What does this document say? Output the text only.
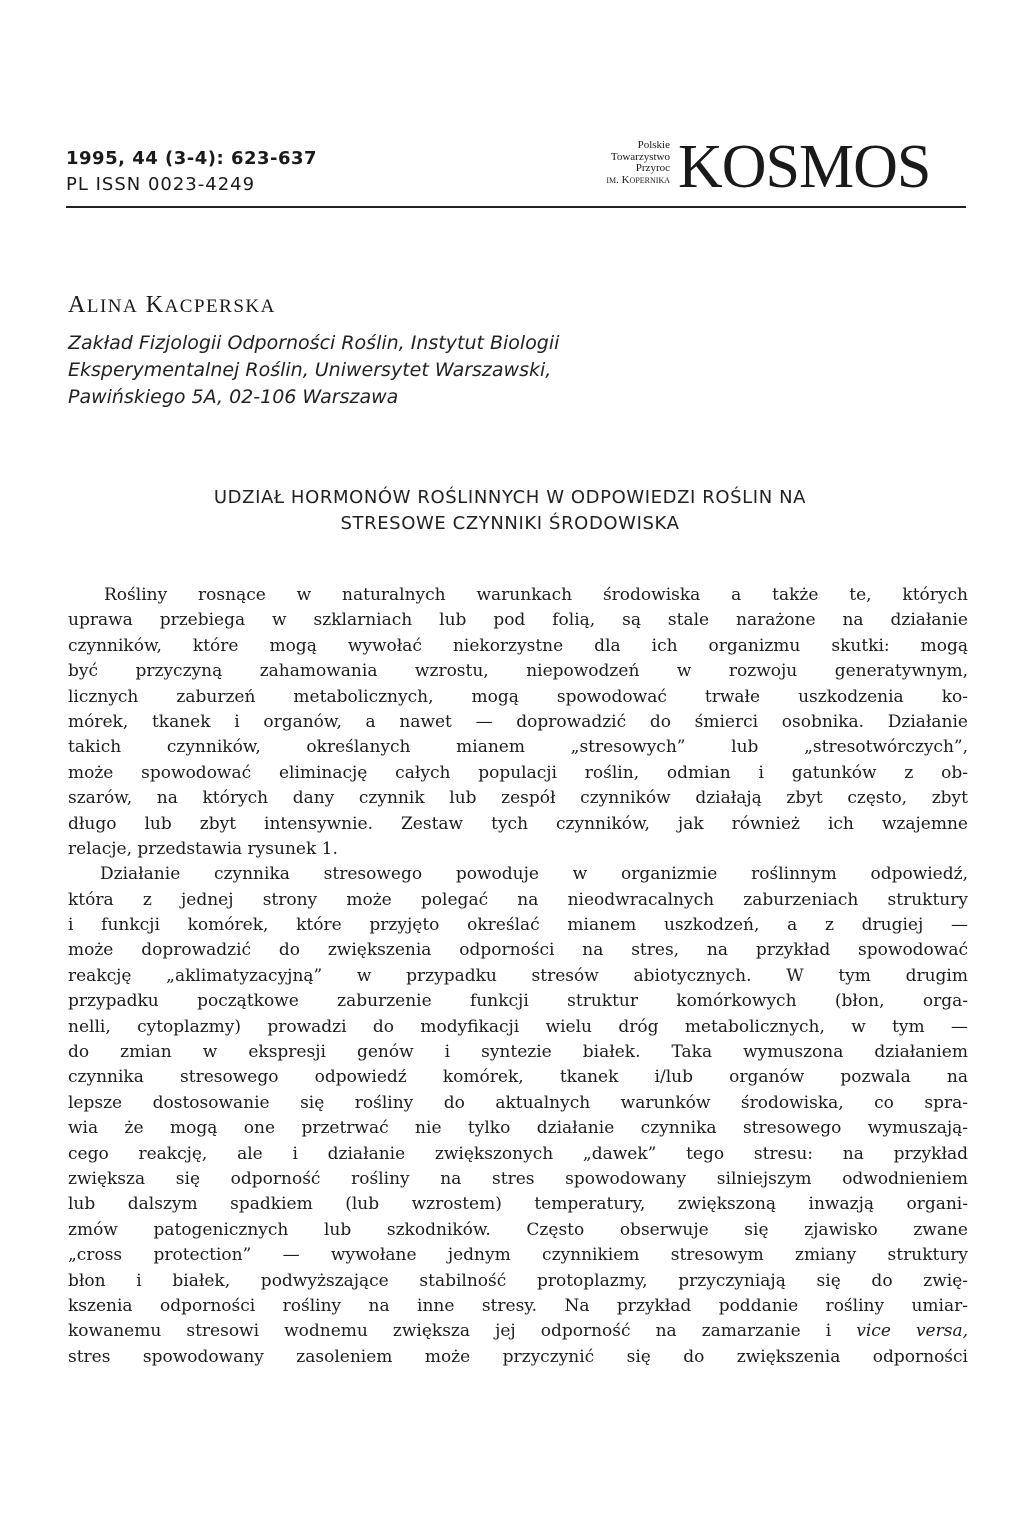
1995, 44 (3-4): 623-637
PL ISSN 0023-4249
Polskie
Towarzystwo
Przyroc
im. Kopernika KOSMOS
ALINA KACPERSKA
Zakład Fizjologii Odporności Roślin, Instytut Biologii
Eksperymentalnej Roślin, Uniwersytet Warszawski,
Pawińskiego 5A, 02-106 Warszawa
UDZIAŁ HORMONÓW ROŚLINNYCH W ODPOWIEDZI ROŚLIN NA
STRESOWE CZYNNIKI ŚRODOWISKA
Rośliny rosnące w naturalnych warunkach środowiska a także te, których
uprawa przebiega w szklarniach lub pod folią, są stale narażone na działanie
czynników, które mogą wywołać niekorzystne dla ich organizmu skutki: mogą
być przyczyną zahamowania wzrostu, niepowodzeń w rozwoju generatywnym,
licznych zaburzeń metabolicznych, mogą spowodować trwałe uszkodzenia ko-
mórek, tkanek i organów, a nawet — doprowadzić do śmierci osobnika. Działanie
takich czynników, określanych mianem „stresowych” lub „stresotwórczych”,
może spowodować eliminację całych populacji roślin, odmian i gatunków z ob-
szarów, na których dany czynnik lub zespół czynników działają zbyt często, zbyt
długo lub zbyt intensywnie. Zestaw tych czynników, jak również ich wzajemne
relacje, przedstawia rysunek 1.
Działanie czynnika stresowego powoduje w organizmie roślinnym odpowiedź,
która z jednej strony może polegać na nieodwracalnych zaburzeniach struktury
i funkcji komórek, które przyjęto określać mianem uszkodzeń, a z drugiej —
może doprowadzić do zwiększenia odporności na stres, na przykład spowodować
reakcję „aklimatyzacyjną” w przypadku stresów abiotycznych. W tym drugim
przypadku początkowe zaburzenie funkcji struktur komórkowych (błon, orga-
nelli, cytoplazmy) prowadzi do modyfikacji wielu dróg metabolicznych, w tym —
do zmian w ekspresji genów i syntezie białek. Taka wymuszona działaniem
czynnika stresowego odpowiedź komórek, tkanek i/lub organów pozwala na
lepsze dostosowanie się rośliny do aktualnych warunków środowiska, co spra-
wia że mogą one przetrwać nie tylko działanie czynnika stresowego wymuszają-
cego reakcję, ale i działanie zwiększonych „dawek” tego stresu: na przykład
zwiększa się odporność rośliny na stres spowodowany silniejszym odwodnieniem
lub dalszym spadkiem (lub wzrostem) temperatury, zwiększoną inwazją organi-
zmów patogenicznych lub szkodników. Często obserwuje się zjawisko zwane
„cross protection” — wywołane jednym czynnikiem stresowym zmiany struktury
błon i białek, podwyższające stabilność protoplazmy, przyczyniają się do zwię-
kszenia odporności rośliny na inne stresy. Na przykład poddanie rośliny umiar-
kowanemu stresowi wodnemu zwiększa jej odporność na zamarzanie i vice versa,
stres spowodowany zasoleniem może przyczynić się do zwiększenia odporności
